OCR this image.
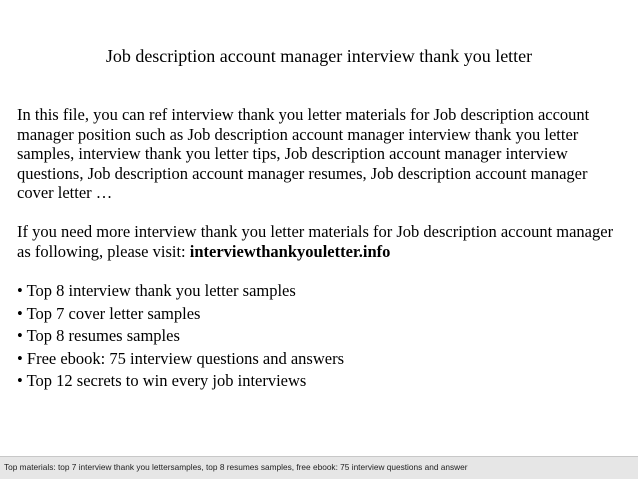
Job description account manager interview thank you letter

In this file, you can ref interview thank you letter materials for Job description account manager position such as Job description account manager interview thank you letter samples, interview thank you letter tips, Job description account manager interview questions, Job description account manager resumes, Job description account manager cover letter …

If you need more interview thank you letter materials for Job description account manager as following, please visit: interviewthankyouletter.info

• Top 8 interview thank you letter samples
• Top 7 cover letter samples
• Top 8 resumes samples
• Free ebook: 75 interview questions and answers
• Top 12 secrets to win every job interviews
Top materials: top 7 interview thank you lettersamples, top 8 resumes samples, free ebook: 75 interview questions and answer
